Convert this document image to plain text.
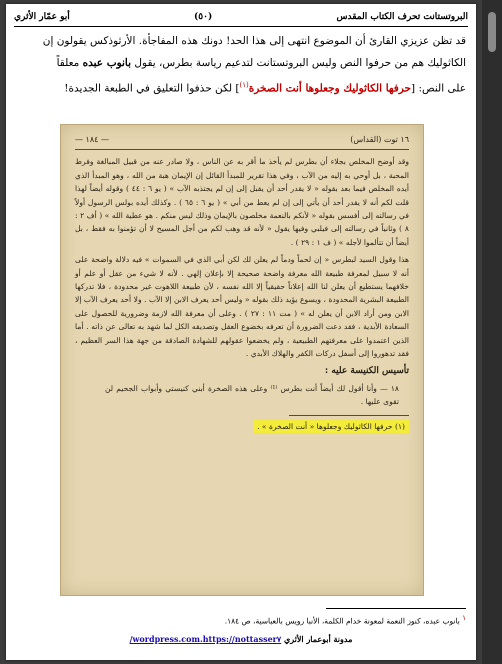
البروتستانت تحرف الكتاب المقدس
(٥٠)
أبو عمّار الأثري

قد تظن عزيزي القارئ أن الموضوع انتهى إلى هذا الحد! دونك هذه المفاجأة. الأرثوذكس يقولون إن

الكاثوليك هم من حرفوا النص وليس البروتستانت لتدعيم رياسة بطرس، يقول بانوب عبده معلقاً

على النص: [حرفها الكاثوليك وجعلوها أنت الصخرة$^{(١)}$] لكن حذفوا التعليق في الطبعة الجديدة!

١٦ توت (القداس)
— ١٨٤ —

وقد أوضح المخلص بجلاء أن بطرس لم يأخذ ما أقر به عن الناس ، ولا صادر عنه من قبيل المبالغة وفرط المحبة ، بل أوحي به إليه من الآب ، وفي هذا تقرير للمبدأ القائل إن الإيمان هبة من الله ، وهو المبدأ الذي أيده المخلص فيما بعد بقوله « لا يقدر أحد أن يقبل إلى إن لم يجتذبه الآب » ( يو ٦ : ٤٤ ) وقوله أيضاً لهذا قلت لكم أنه لا يقدر أحد أن يأتي إلى إن لم يعط من أبي » ( يو ٦ : ٦٥ ) . وكذلك أيده بولس الرسول أولاً في رسالته إلى أفسس بقوله « لأنكم بالنعمة مخلصون بالإيمان وذلك ليس منكم . هو عطية الله » ( أف ٢ : ٨ ) وثانياً في رسالته إلى فيلبي وفيها يقول « لأنه قد وهب لكم من أجل المسيح لا أن تؤمنوا به فقط ، بل أيضاً أن تتألموا لأجله » ( ف ١ : ٢٩ ) .

هذا وقول السيد لبطرس « إن لحماً ودماً لم يعلن لك لكن أبي الذي في السموات » فيه دلالة واضحة على أنه لا سبيل لمعرفة طبيعة الله معرفة واضحة صحيحة إلا بإعلان إلهي . لأنه لا شيء من عقل أو علم أو خلافهما يستطيع أن يعلن لنا الله إعلاناً حقيقياً إلا الله نفسه ، لأن طبيعة اللاهوت غير محدودة ، فلا تدركها الطبيعة البشرية المحدودة ، ويسوع يؤيد ذلك بقوله « وليس أحد يعرف الابن إلا الآب . ولا أحد يعرف الآب إلا الابن ومن أراد الابن أن يعلن له » ( مت ١١ : ٢٧ ) . وعلى أن معرفة الله لازمة وضرورية للحصول على السعادة الأبدية ، فقد دعت الضرورة أن تعرفه بخضوع العقل وتصديقه الكل لما شهد به تعالى عن ذاته . أما الذين اعتمدوا على معرفتهم الطبيعية ، ولم يخضعوا عقولهم للشهادة الصادقة من جهة هذا السر العظيم ، فقد تدهوروا إلى أسفل دركات الكفر والهلاك الأبدي .

تأسيس الكنيسة عليه :

١٨ — وأنا أقول لك أيضاً أنت بطرس ⁽¹⁾ وعلى هذه الصخرة أبني كنيستي وأبواب الجحيم لن تقوى عليها .

(١) حرفها الكاثوليك وجعلوها « أنت الصخرة » .
$^١$ بانوب عبده، كنوز النعمة لمعونة خدام الكلمة، الأنبا رويس بالعباسية، ص ١٨٤.
مدونة أبوعمار الأثري https://nottasser٧.wordpress.com/
